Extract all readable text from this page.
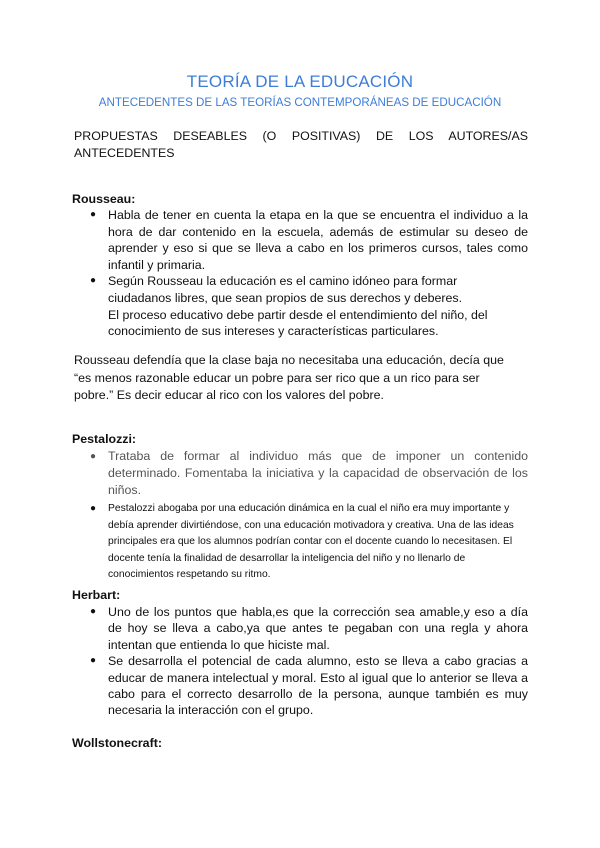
TEORÍA DE LA EDUCACIÓN
ANTECEDENTES DE LAS TEORÍAS CONTEMPORÁNEAS DE EDUCACIÓN
PROPUESTAS DESEABLES (O POSITIVAS) DE LOS AUTORES/AS
ANTECEDENTES
Rousseau:
● Habla de tener en cuenta la etapa en la que se encuentra el individuo a la hora de dar contenido en la escuela, además de estimular su deseo de aprender y eso si que se lleva a cabo en los primeros cursos, tales como infantil y primaria.
● Según Rousseau la educación es el camino idóneo para formar ciudadanos libres, que sean propios de sus derechos y deberes.
El proceso educativo debe partir desde el entendimiento del niño, del conocimiento de sus intereses y características particulares.
Rousseau defendía que la clase baja no necesitaba una educación, decía que “es menos razonable educar un pobre para ser rico que a un rico para ser pobre.” Es decir educar al rico con los valores del pobre.
Pestalozzi:
● Trataba de formar al individuo más que de imponer un contenido determinado. Fomentaba la iniciativa y la capacidad de observación de los niños.
● Pestalozzi abogaba por una educación dinámica en la cual el niño era muy importante y debía aprender divirtiéndose, con una educación motivadora y creativa. Una de las ideas principales era que los alumnos podrían contar con el docente cuando lo necesitasen. El docente tenía la finalidad de desarrollar la inteligencia del niño y no llenarlo de conocimientos respetando su ritmo.
Herbart:
● Uno de los puntos que habla,es que la corrección sea amable,y eso a día de hoy se lleva a cabo,ya que antes te pegaban con una regla y ahora intentan que entienda lo que hiciste mal.
● Se desarrolla el potencial de cada alumno, esto se lleva a cabo gracias a educar de manera intelectual y moral. Esto al igual que lo anterior se lleva a cabo para el correcto desarrollo de la persona, aunque también es muy necesaria la interacción con el grupo.
Wollstonecraft:
